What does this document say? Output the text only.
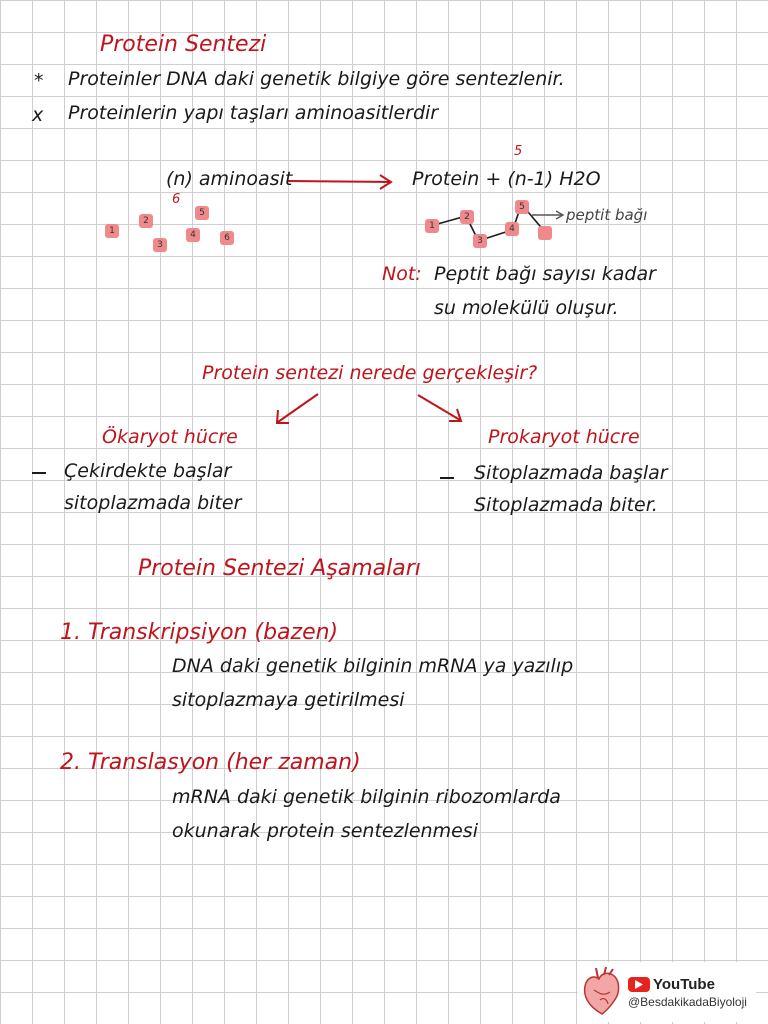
Protein Sentezi
* Proteinler DNA daki genetik bilgiye göre sentezlenir.
x Proteinlerin yapı taşları aminoasitlerdir
(n) aminoasit
6
1
2
3
4
5
6
5
Protein + (n-1) H2O
1
2
3
4
5	peptit bağı
Not: Peptit bağı sayısı kadar
su molekülü oluşur.
Protein sentezi nerede gerçekleşir?
Ökaryot hücre
Çekirdekte başlar
sitoplazmada biter
Prokaryot hücre
Sitoplazmada başlar
Sitoplazmada biter.
Protein Sentezi Aşamaları
1. Transkripsiyon (bazen)
DNA daki genetik bilginin mRNA ya yazılıp
sitoplazmaya getirilmesi
2. Translasyon (her zaman)
mRNA daki genetik bilginin ribozomlarda
okunarak protein sentezlenmesi
YouTube
@BesdakikadaBiyoloji
